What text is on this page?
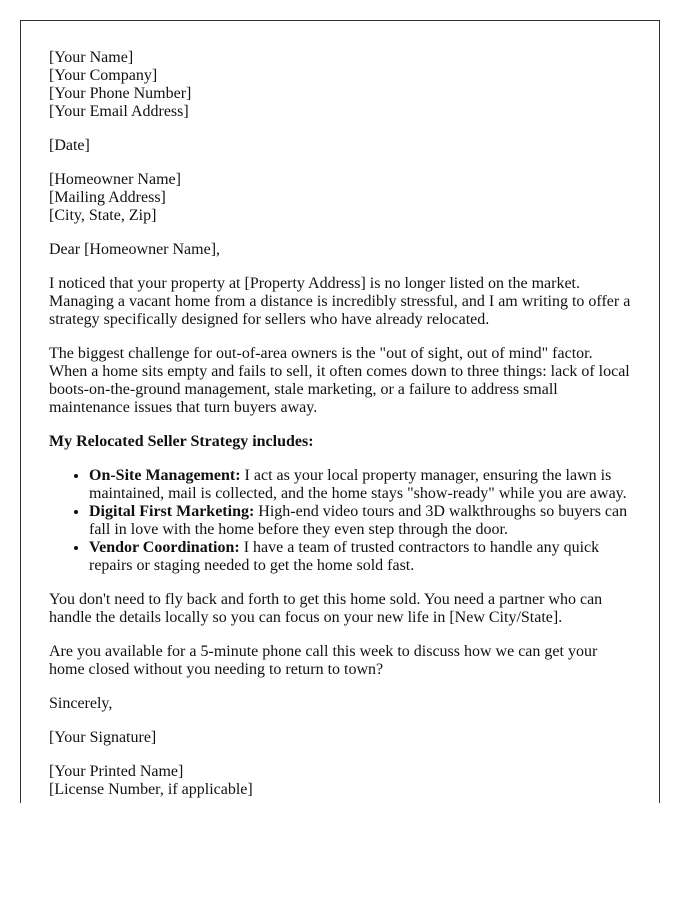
[Your Name]
[Your Company]
[Your Phone Number]
[Your Email Address]

[Date]

[Homeowner Name]
[Mailing Address]
[City, State, Zip]

Dear [Homeowner Name],

I noticed that your property at [Property Address] is no longer listed on the market. Managing a vacant home from a distance is incredibly stressful, and I am writing to offer a strategy specifically designed for sellers who have already relocated.

The biggest challenge for out-of-area owners is the "out of sight, out of mind" factor. When a home sits empty and fails to sell, it often comes down to three things: lack of local boots-on-the-ground management, stale marketing, or a failure to address small maintenance issues that turn buyers away.

My Relocated Seller Strategy includes:

• On-Site Management: I act as your local property manager, ensuring the lawn is maintained, mail is collected, and the home stays "show-ready" while you are away.
• Digital First Marketing: High-end video tours and 3D walkthroughs so buyers can fall in love with the home before they even step through the door.
• Vendor Coordination: I have a team of trusted contractors to handle any quick repairs or staging needed to get the home sold fast.

You don't need to fly back and forth to get this home sold. You need a partner who can handle the details locally so you can focus on your new life in [New City/State].

Are you available for a 5-minute phone call this week to discuss how we can get your home closed without you needing to return to town?

Sincerely,

[Your Signature]

[Your Printed Name]
[License Number, if applicable]
